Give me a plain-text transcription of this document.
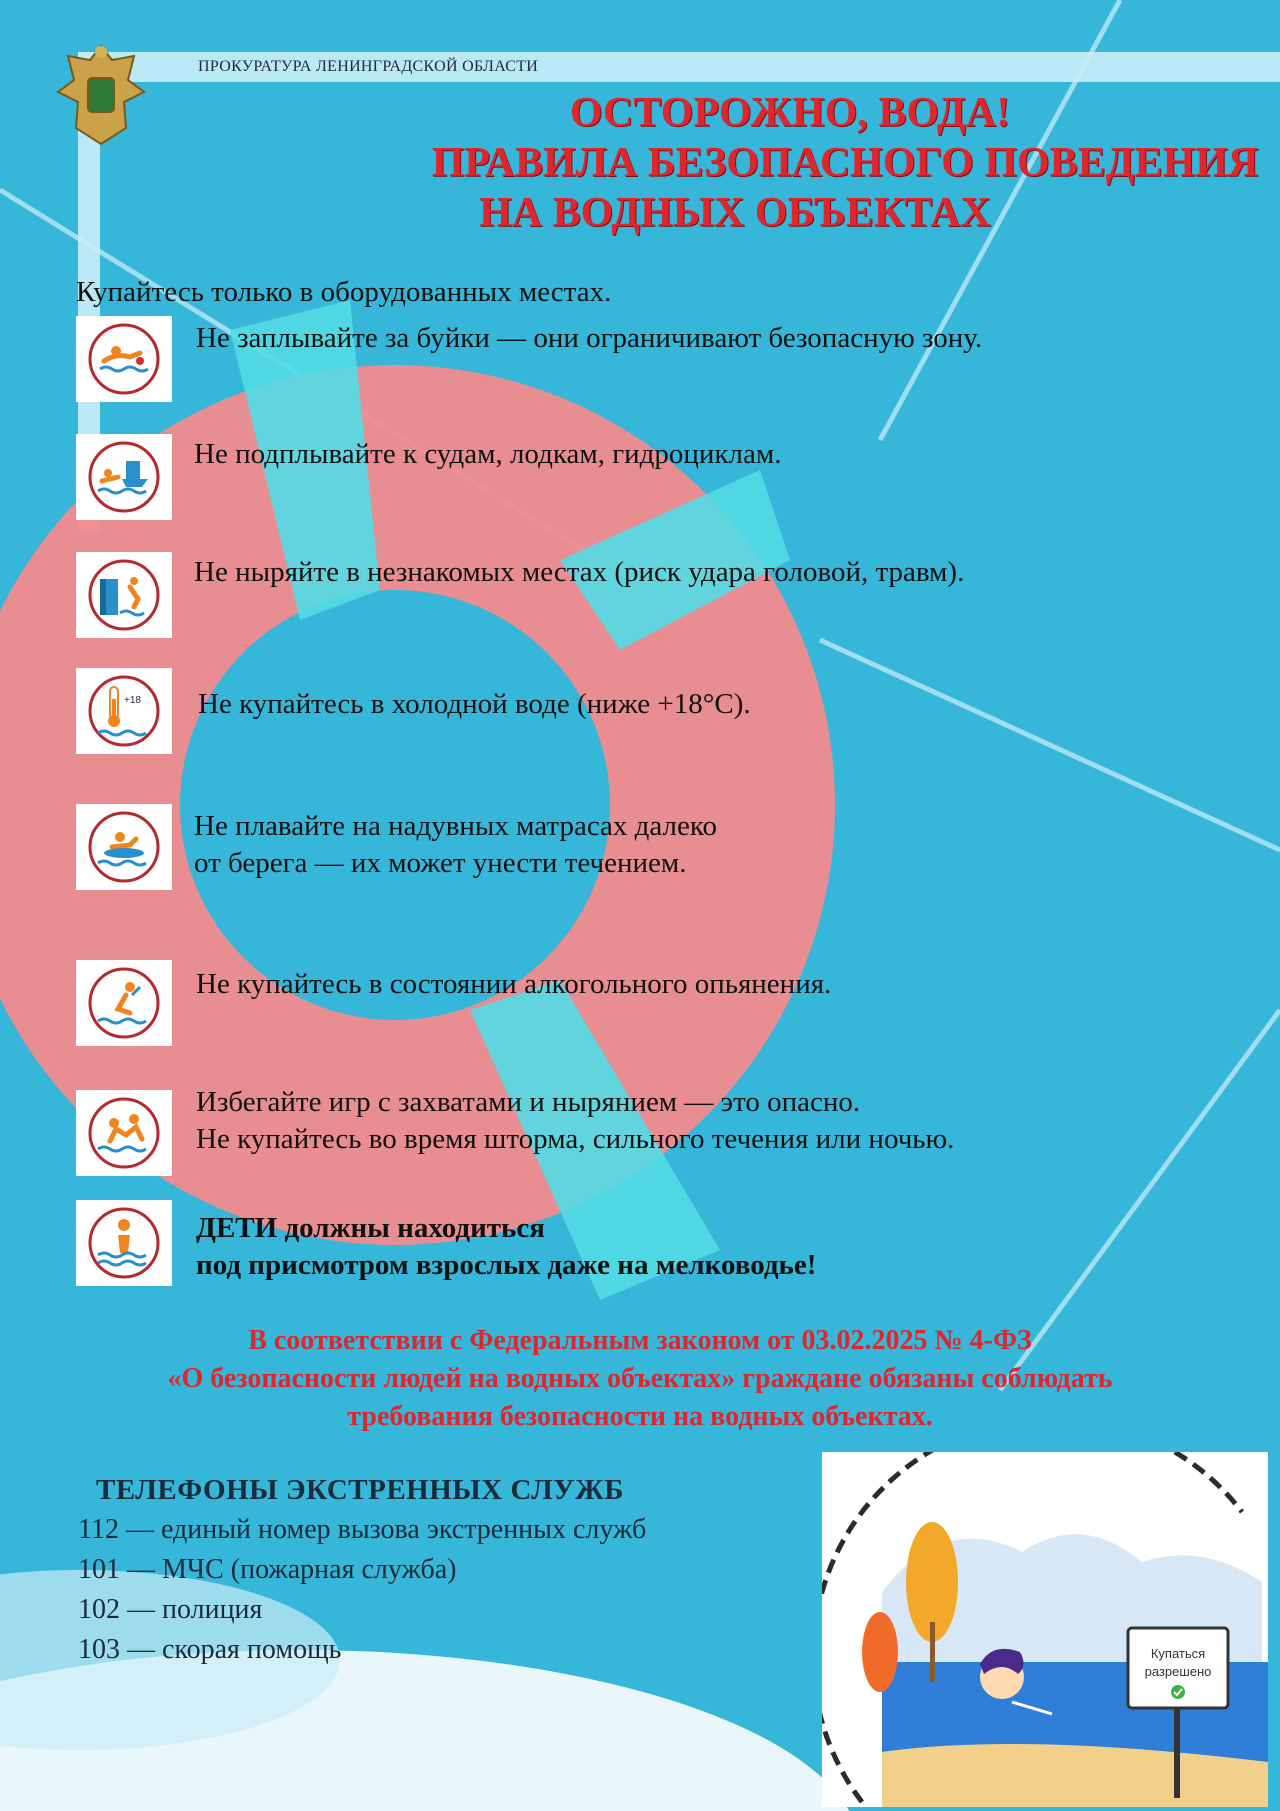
ПРОКУРАТУРА ЛЕНИНГРАДСКОЙ ОБЛАСТИ
ОСТОРОЖНО, ВОДА!
ПРАВИЛА БЕЗОПАСНОГО ПОВЕДЕНИЯ
НА ВОДНЫХ ОБЪЕКТАХ
Купайтесь только в оборудованных местах.
Не заплывайте за буйки — они ограничивают безопасную зону.
Не подплывайте к судам, лодкам, гидроциклам.
Не ныряйте в незнакомых местах (риск удара головой, травм).
+18 Не купайтесь в холодной воде (ниже +18°C).
Не плавайте на надувных матрасах далеко
от берега — их может унести течением.
Не купайтесь в состоянии алкогольного опьянения.
Избегайте игр с захватами и нырянием — это опасно.
Не купайтесь во время шторма, сильного течения или ночью.
ДЕТИ должны находиться
под присмотром взрослых даже на мелководье!
В соответствии с Федеральным законом от 03.02.2025 № 4-ФЗ
«О безопасности людей на водных объектах» граждане обязаны соблюдать
требования безопасности на водных объектах.
ТЕЛЕФОНЫ ЭКСТРЕННЫХ СЛУЖБ
112 — единый номер вызова экстренных служб
101 — МЧС (пожарная служба)
102 — полиция
103 — скорая помощь	Купаться
разрешено
